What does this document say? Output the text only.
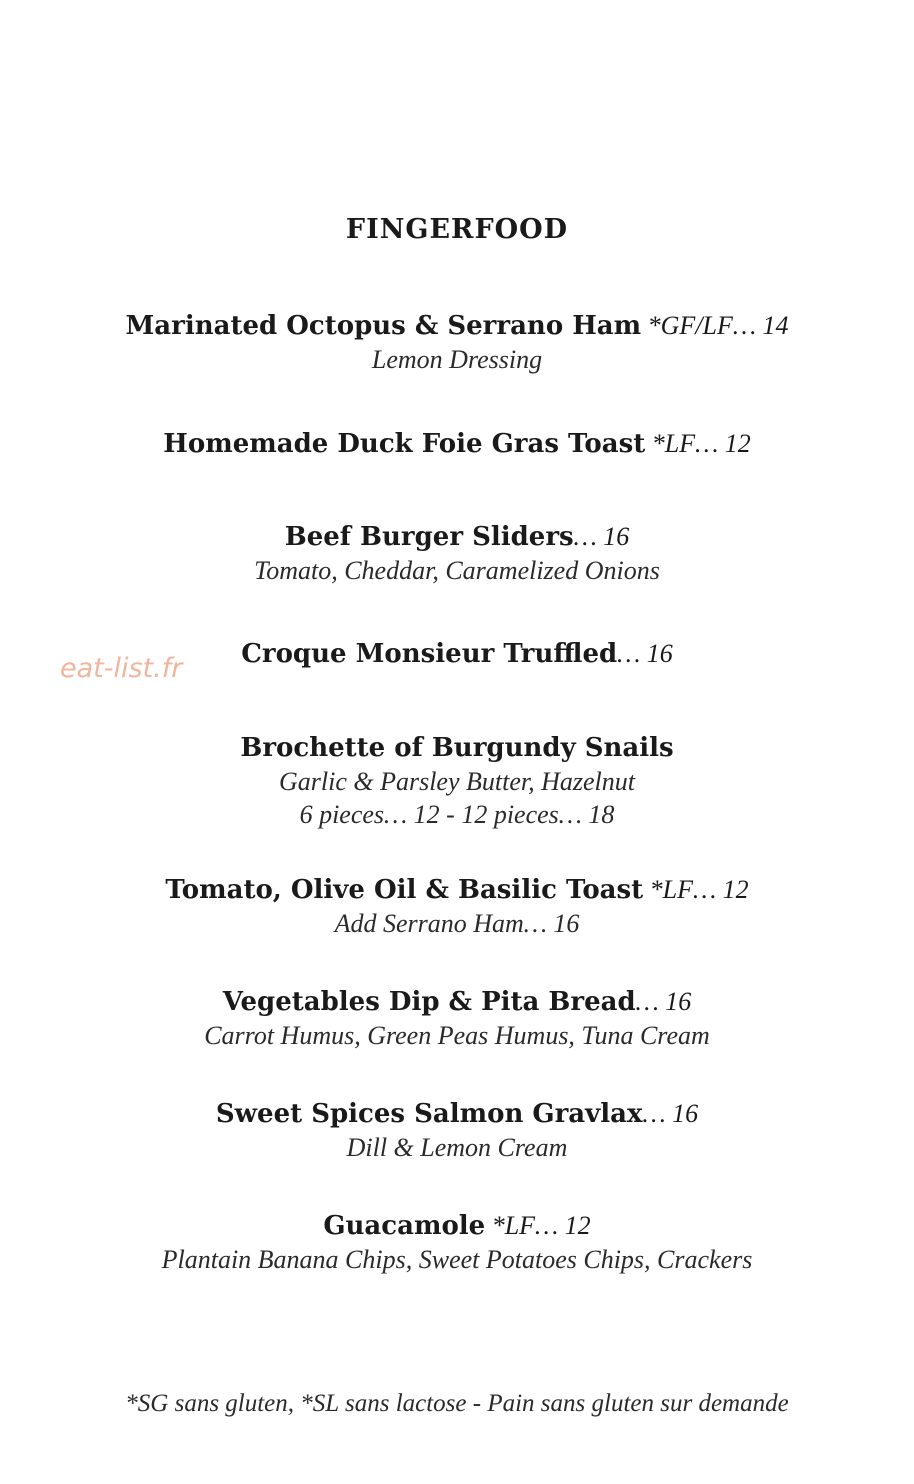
FINGERFOOD
eat-list.fr
Marinated Octopus & Serrano Ham *GF/LF… 14
Lemon Dressing
Homemade Duck Foie Gras Toast *LF… 12
Beef Burger Sliders… 16
Tomato, Cheddar, Caramelized Onions
Croque Monsieur Truffled… 16
Brochette of Burgundy Snails
Garlic & Parsley Butter, Hazelnut
6 pieces… 12 - 12 pieces… 18
Tomato, Olive Oil & Basilic Toast *LF… 12
Add Serrano Ham… 16
Vegetables Dip & Pita Bread… 16
Carrot Humus, Green Peas Humus, Tuna Cream
Sweet Spices Salmon Gravlax… 16
Dill & Lemon Cream
Guacamole *LF… 12
Plantain Banana Chips, Sweet Potatoes Chips, Crackers
*SG sans gluten, *SL sans lactose - Pain sans gluten sur demande
